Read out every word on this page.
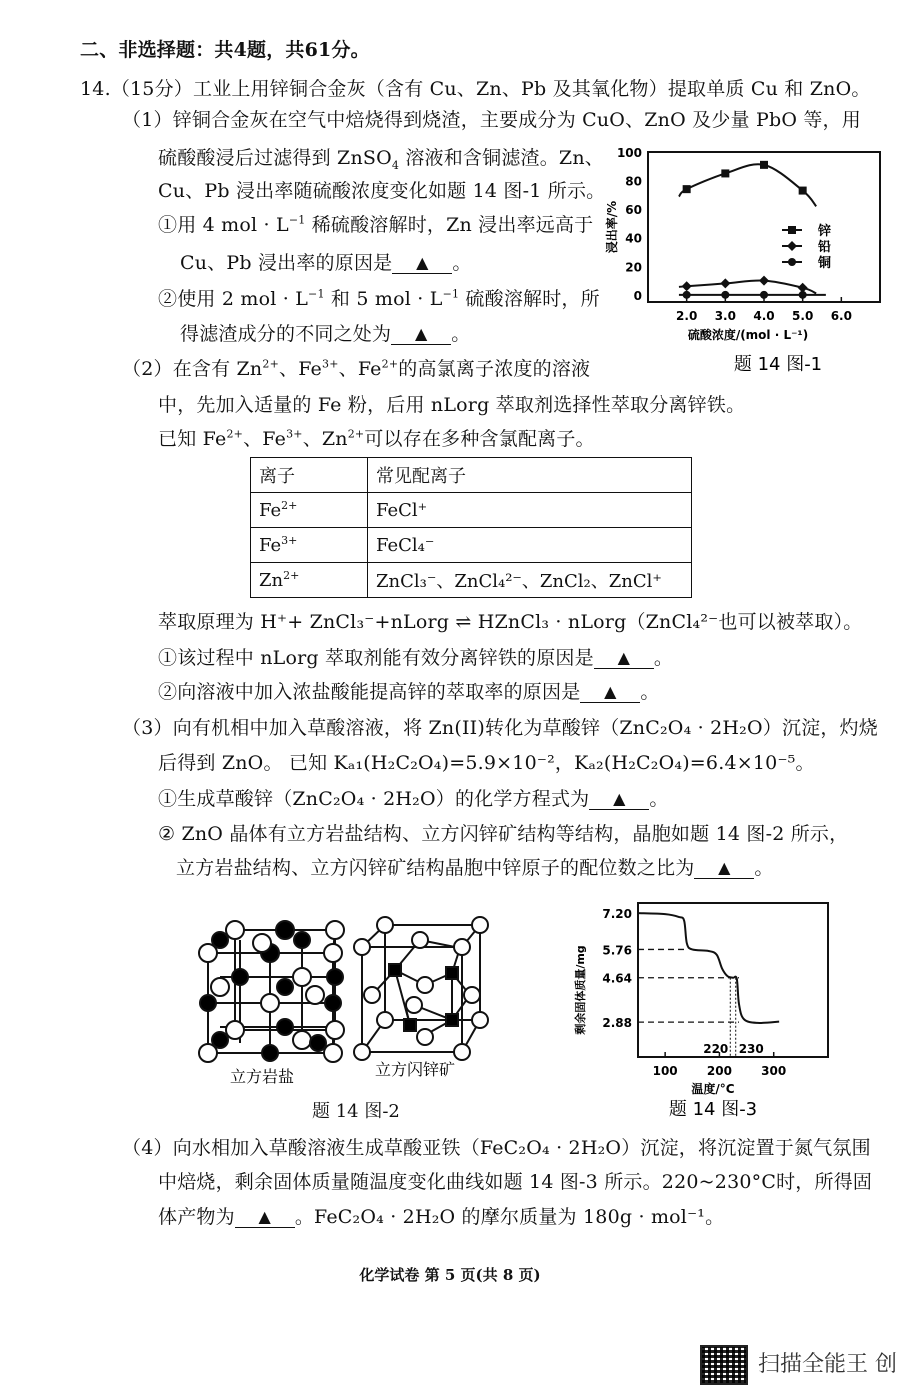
二、非选择题：共4题，共61分。
14.（15分）工业上用锌铜合金灰（含有 Cu、Zn、Pb 及其氧化物）提取单质 Cu 和 ZnO。
（1）锌铜合金灰在空气中焙烧得到烧渣，主要成分为 CuO、ZnO 及少量 PbO 等，用
硫酸酸浸后过滤得到 ZnSO$_4$ 溶液和含铜滤渣。Zn、
Cu、Pb 浸出率随硫酸浓度变化如题 14 图-1 所示。
①用 4 mol · $L^{-1}$ 稀硫酸溶解时，Zn 浸出率远高于
Cu、Pb 浸出率的原因是 ▲ 。
②使用 2 mol · $L^{-1}$ 和 5 mol · $L^{-1}$ 硫酸溶解时，所
得滤渣成分的不同之处为 ▲ 。
0
20
40
60
80
100
2.0 3.0 4.0 5.0 6.0
硫酸浓度/(mol · L⁻¹)
浸出率/%
题 14 图-1
锌
铅
铜
（2）在含有 $Zn^{2+}$、$Fe^{3+}$、$Fe^{2+}$的高氯离子浓度的溶液
中，先加入适量的 Fe 粉，后用 nLorg 萃取剂选择性萃取分离锌铁。
已知 $Fe^{2+}$、$Fe^{3+}$、$Zn^{2+}$可以存在多种含氯配离子。
离子	常见配离子
$Fe^{2+}$	FeCl⁺
$Fe^{3+}$	FeCl₄⁻
$Zn^{2+}$	ZnCl₃⁻、ZnCl₄²⁻、ZnCl₂、ZnCl⁺
萃取原理为 H⁺+ ZnCl₃⁻+nLorg ⇌ HZnCl₃ · nLorg（ZnCl₄²⁻也可以被萃取）。
①该过程中 nLorg 萃取剂能有效分离锌铁的原因是 ▲ 。
②向溶液中加入浓盐酸能提高锌的萃取率的原因是 ▲ 。
（3）向有机相中加入草酸溶液，将 Zn(II)转化为草酸锌（ZnC₂O₄ · 2H₂O）沉淀，灼烧
后得到 ZnO。 已知 Kₐ₁(H₂C₂O₄)=5.9×10⁻²，Kₐ₂(H₂C₂O₄)=6.4×10⁻⁵。
①生成草酸锌（ZnC₂O₄ · 2H₂O）的化学方程式为 ▲ 。
② ZnO 晶体有立方岩盐结构、立方闪锌矿结构等结构，晶胞如题 14 图-2 所示，
立方岩盐结构、立方闪锌矿结构晶胞中锌原子的配位数之比为 ▲ 。
立方岩盐	立方闪锌矿
题 14 图-2
100 200 300
7.20
5.76
4.64
2.88
220 230
温度/°C
剩余固体质量/mg
题 14 图-3
（4）向水相加入草酸溶液生成草酸亚铁（FeC₂O₄ · 2H₂O）沉淀，将沉淀置于氮气氛围
中焙烧，剩余固体质量随温度变化曲线如题 14 图-3 所示。220~230°C时，所得固
体产物为 ▲ 。FeC₂O₄ · 2H₂O 的摩尔质量为 180g · mol⁻¹。
化学试卷 第 5 页(共 8 页)
扫描全能王 创
